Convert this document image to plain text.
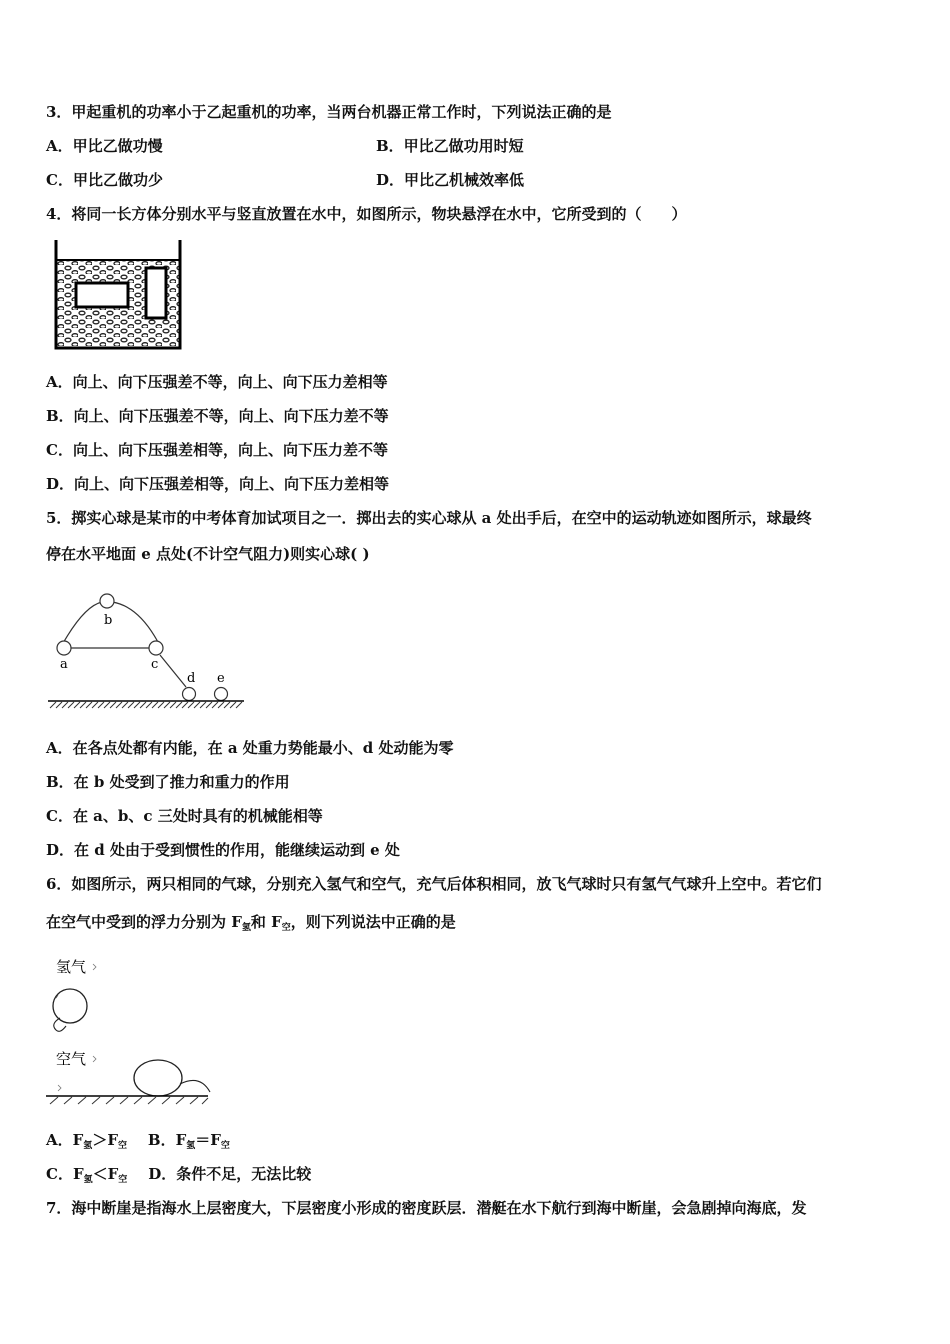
3．甲起重机的功率小于乙起重机的功率，当两台机器正常工作时，下列说法正确的是
A．甲比乙做功慢	B．甲比乙做功用时短
C．甲比乙做功少	D．甲比乙机械效率低
4．将同一长方体分别水平与竖直放置在水中，如图所示，物块悬浮在水中，它所受到的（　　）
A．向上、向下压强差不等，向上、向下压力差相等
B．向上、向下压强差不等，向上、向下压力差不等
C．向上、向下压强差相等，向上、向下压力差不等
D．向上、向下压强差相等，向上、向下压力差相等
5．掷实心球是某市的中考体育加试项目之一．掷出去的实心球从 a 处出手后，在空中的运动轨迹如图所示，球最终
停在水平地面 e 点处(不计空气阻力)则实心球( )
a
b
c
d e
A．在各点处都有内能，在 a 处重力势能最小、d 处动能为零
B．在 b 处受到了推力和重力的作用
C．在 a、b、c 三处时具有的机械能相等
D．在 d 处由于受到惯性的作用，能继续运动到 e 处
6．如图所示，两只相同的气球，分别充入氢气和空气，充气后体积相同，放飞气球时只有氢气气球升上空中。若它们
在空气中受到的浮力分别为 $F_氢$和 $F_空$，则下列说法中正确的是
氢气
空气
A．$F_氢>F_空$ B．$F_氢=F_空$
C．$F_氢<F_空$ D．条件不足，无法比较
7．海中断崖是指海水上层密度大，下层密度小形成的密度跃层．潜艇在水下航行到海中断崖，会急剧掉向海底，发
